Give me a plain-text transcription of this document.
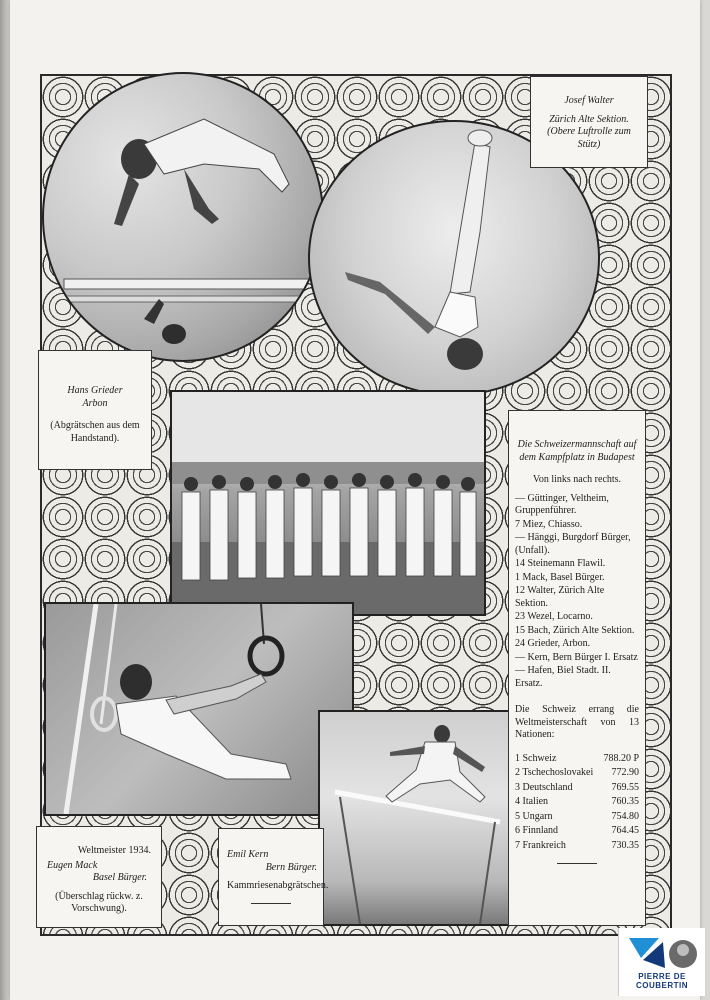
Josef Walter
Zürich Alte Sektion.
(Obere Luftrolle zum Stütz)
Hans Grieder
Arbon
(Abgrätschen aus dem Handstand).
Die Schweizermannschaft auf dem Kampfplatz in Budapest
Von links nach rechts.
— Güttinger, Veltheim, Gruppenführer.
7 Miez, Chiasso.
— Hänggi, Burgdorf Bürger, (Unfall).
14 Steinemann Flawil.
1 Mack, Basel Bürger.
12 Walter, Zürich Alte Sektion.
23 Wezel, Locarno.
15 Bach, Zürich Alte Sektion.
24 Grieder, Arbon.
— Kern, Bern Bürger I. Ersatz
— Hafen, Biel Stadt. II. Ersatz.
Die Schweiz errang die Weltmeisterschaft von 13 Nationen:
1 Schweiz	788.20 P
2 Tschechoslovakei	772.90
3 Deutschland	769.55
4 Italien	760.35
5 Ungarn	754.80
6 Finnland	764.45
7 Frankreich	730.35
Weltmeister 1934.
Eugen Mack
Basel Bürger.
(Überschlag rückw. z. Vorschwung).
Emil Kern
Bern Bürger.
Kammriesenabgrätschen.
PIERRE DE COUBERTIN
